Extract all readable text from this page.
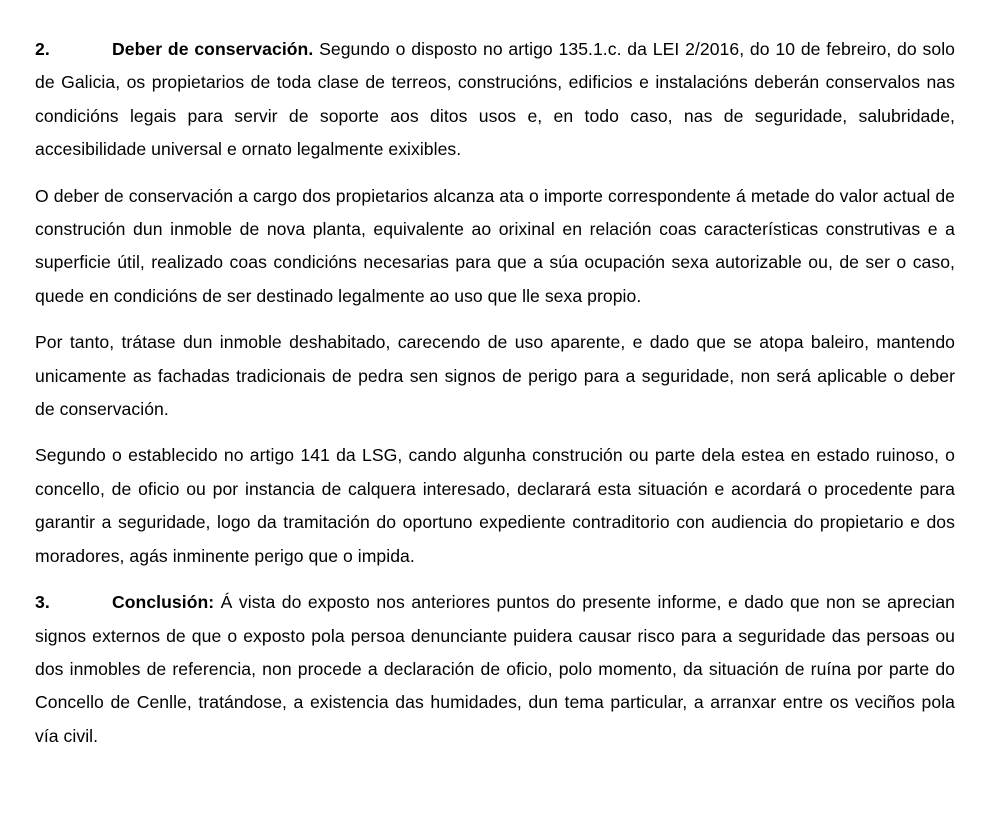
2.	Deber de conservación. Segundo o disposto no artigo 135.1.c. da LEI 2/2016, do 10 de febreiro, do solo de Galicia, os propietarios de toda clase de terreos, construcións, edificios e instalacións deberán conservalos nas condicións legais para servir de soporte aos ditos usos e, en todo caso, nas de seguridade, salubridade, accesibilidade universal e ornato legalmente exixibles.

O deber de conservación a cargo dos propietarios alcanza ata o importe correspondente á metade do valor actual de construción dun inmoble de nova planta, equivalente ao orixinal en relación coas características construtivas e a superficie útil, realizado coas condicións necesarias para que a súa ocupación sexa autorizable ou, de ser o caso, quede en condicións de ser destinado legalmente ao uso que lle sexa propio.

Por tanto, trátase dun inmoble deshabitado, carecendo de uso aparente, e dado que se atopa baleiro, mantendo unicamente as fachadas tradicionais de pedra sen signos de perigo para a seguridade, non será aplicable o deber de conservación.

Segundo o establecido no artigo 141 da LSG, cando algunha construción ou parte dela estea en estado ruinoso, o concello, de oficio ou por instancia de calquera interesado, declarará esta situación e acordará o procedente para garantir a seguridade, logo da tramitación do oportuno expediente contraditorio con audiencia do propietario e dos moradores, agás inminente perigo que o impida.

3.	Conclusión: Á vista do exposto nos anteriores puntos do presente informe, e dado que non se aprecian signos externos de que o exposto pola persoa denunciante puidera causar risco para a seguridade das persoas ou dos inmobles de referencia, non procede a declaración de oficio, polo momento, da situación de ruína por parte do Concello de Cenlle, tratándose, a existencia das humidades, dun tema particular, a arranxar entre os veciños pola vía civil.
